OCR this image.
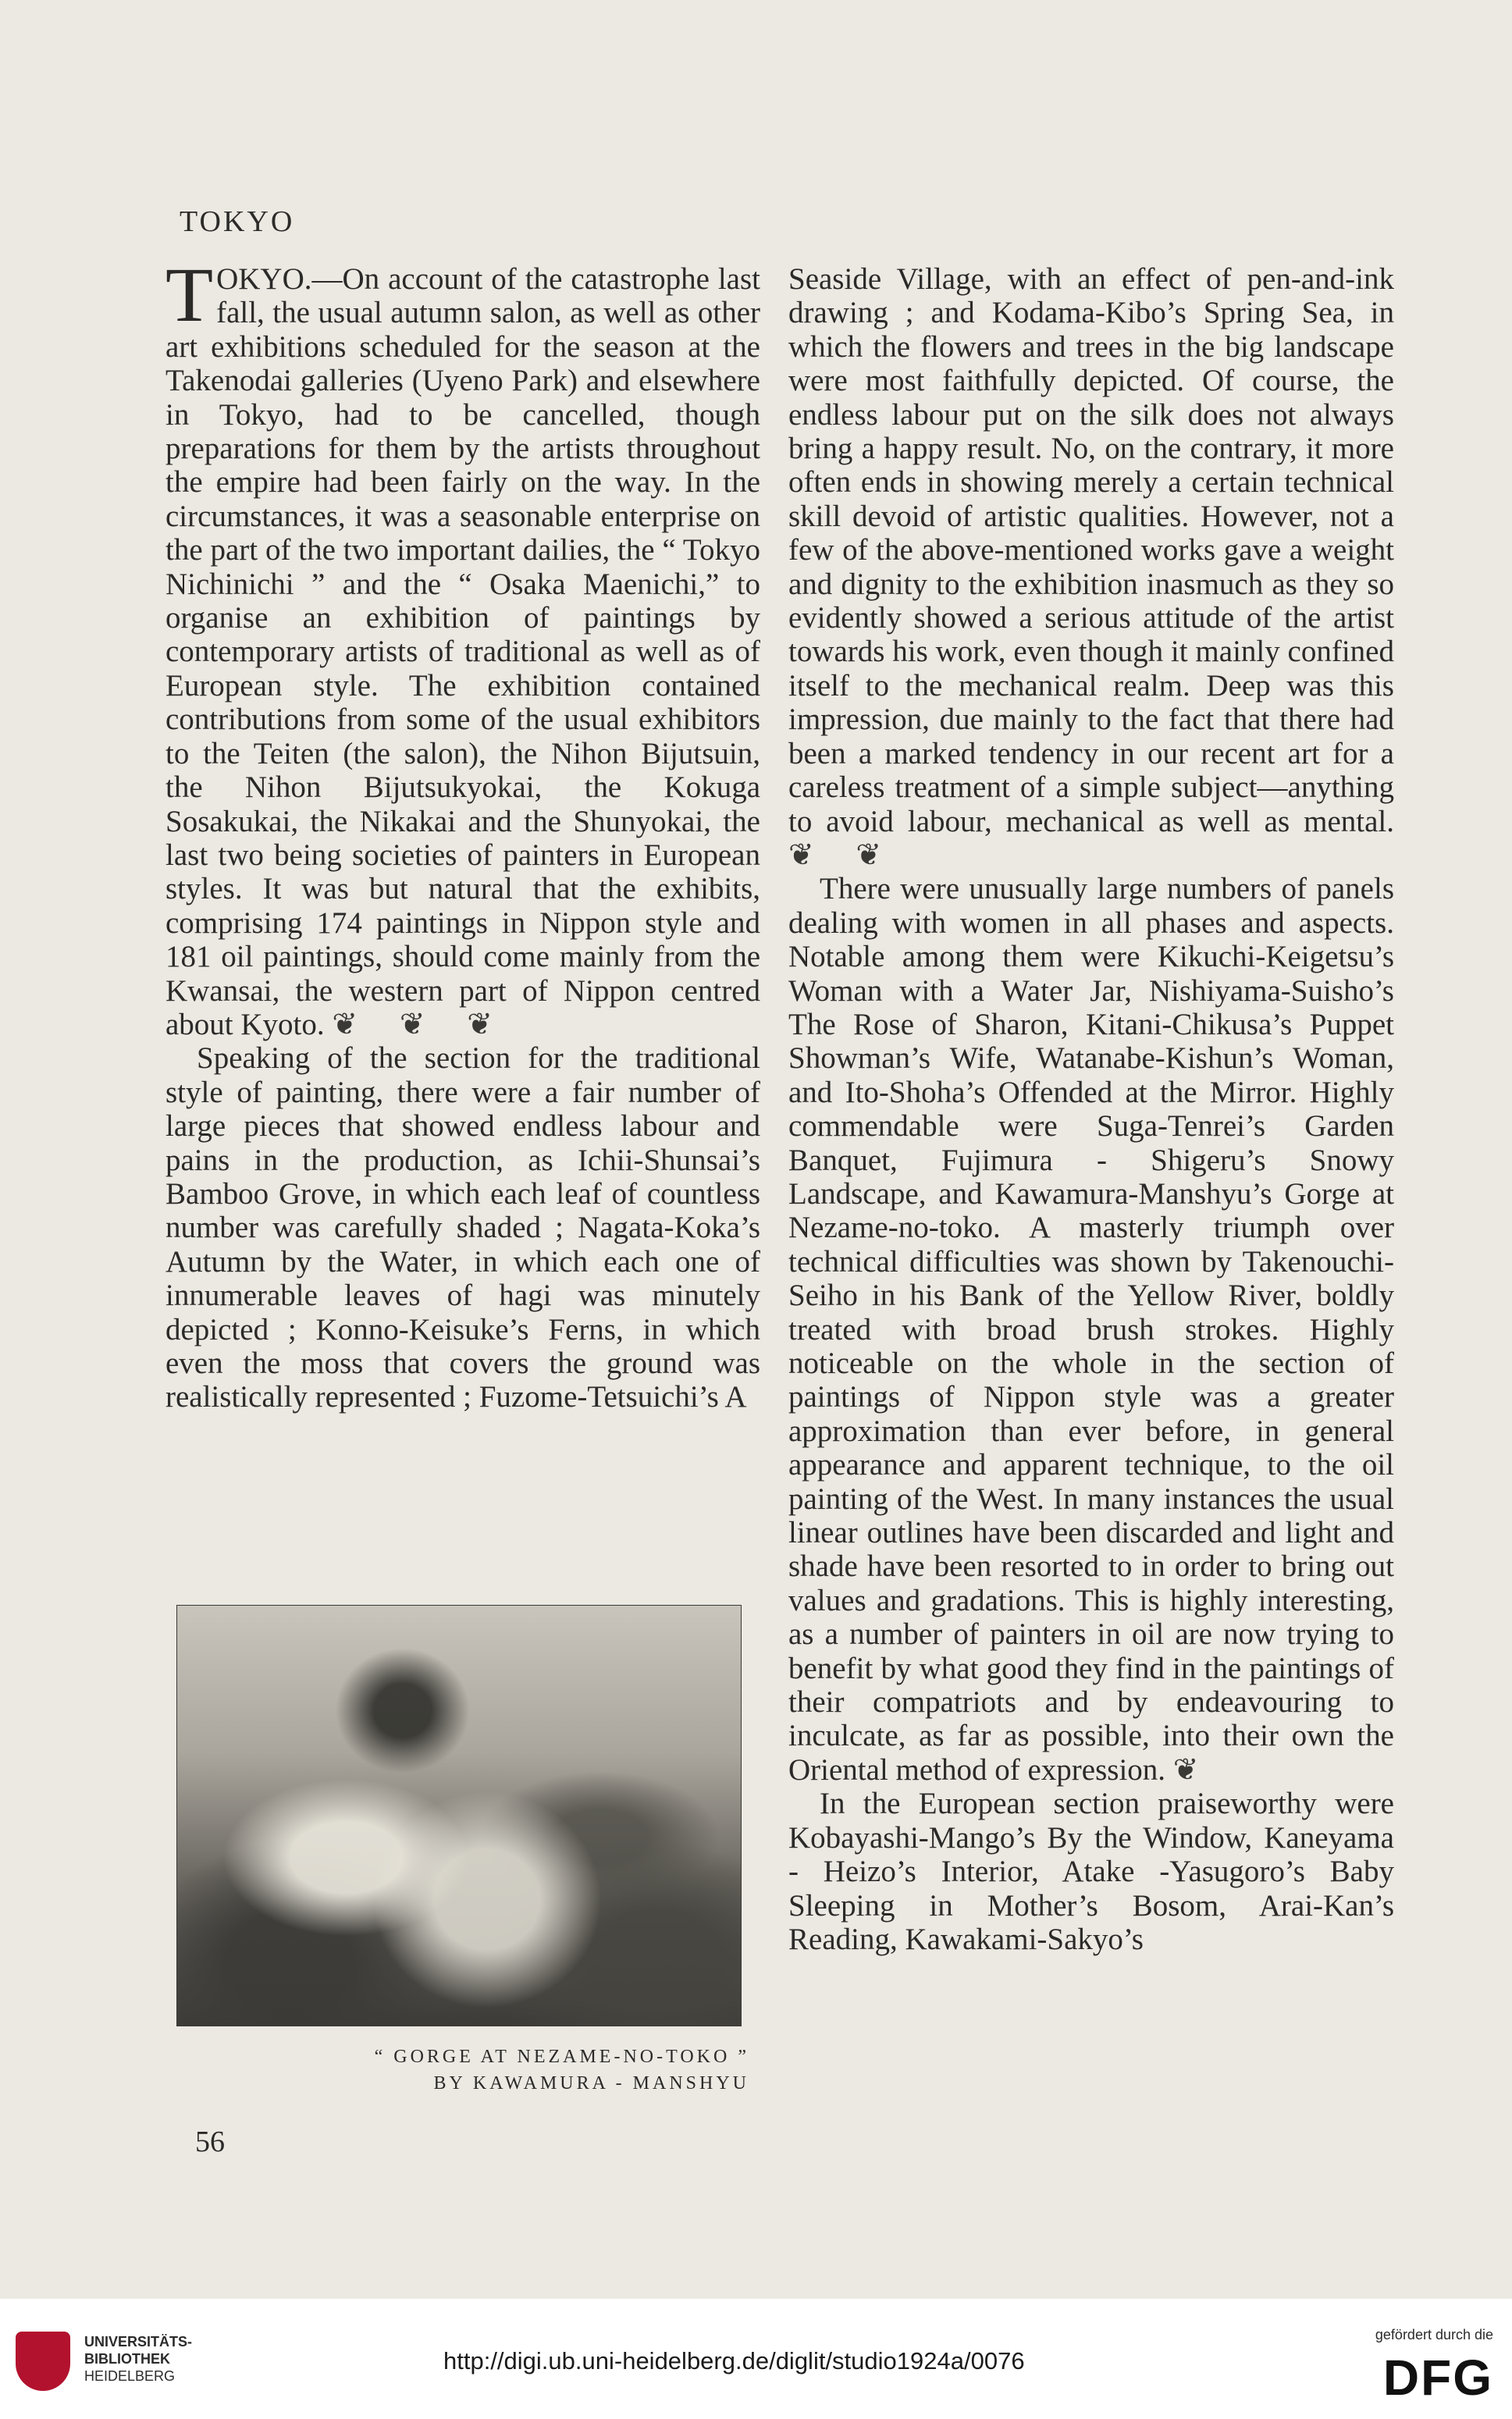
TOKYO

TOKYO.—On account of the catastrophe last fall, the usual autumn salon, as well as other art exhibitions scheduled for the season at the Takenodai galleries (Uyeno Park) and elsewhere in Tokyo, had to be cancelled, though preparations for them by the artists throughout the empire had been fairly on the way. In the circumstances, it was a seasonable enterprise on the part of the two important dailies, the “ Tokyo Nichinichi ” and the “ Osaka Maenichi,” to organise an exhibition of paintings by contemporary artists of traditional as well as of European style. The exhibition contained contributions from some of the usual exhibitors to the Teiten (the salon), the Nihon Bijutsuin, the Nihon Bijutsukyokai, the Kokuga Sosakukai, the Nikakai and the Shunyokai, the last two being societies of painters in European styles. It was but natural that the exhibits, comprising 174 paintings in Nippon style and 181 oil paintings, should come mainly from the Kwansai, the western part of Nippon centred about Kyoto. ❦ ❦ ❦

Speaking of the section for the traditional style of painting, there were a fair number of large pieces that showed endless labour and pains in the production, as Ichii-Shunsai’s Bamboo Grove, in which each leaf of countless number was carefully shaded ; Nagata-Koka’s Autumn by the Water, in which each one of innumerable leaves of hagi was minutely depicted ; Konno-Keisuke’s Ferns, in which even the moss that covers the ground was realistically represented ; Fuzome-Tetsuichi’s A

“ GORGE AT NEZAME-NO-TOKO ”
BY KAWAMURA - MANSHYU

Seaside Village, with an effect of pen-and-ink drawing ; and Kodama-Kibo’s Spring Sea, in which the flowers and trees in the big landscape were most faithfully depicted. Of course, the endless labour put on the silk does not always bring a happy result. No, on the contrary, it more often ends in showing merely a certain technical skill devoid of artistic qualities. However, not a few of the above-mentioned works gave a weight and dignity to the exhibition inasmuch as they so evidently showed a serious attitude of the artist towards his work, even though it mainly confined itself to the mechanical realm. Deep was this impression, due mainly to the fact that there had been a marked tendency in our recent art for a careless treatment of a simple subject—anything to avoid labour, mechanical as well as mental. ❦ ❦

There were unusually large numbers of panels dealing with women in all phases and aspects. Notable among them were Kikuchi-Keigetsu’s Woman with a Water Jar, Nishiyama-Suisho’s The Rose of Sharon, Kitani-Chikusa’s Puppet Showman’s Wife, Watanabe-Kishun’s Woman, and Ito-Shoha’s Offended at the Mirror. Highly commendable were Suga-Tenrei’s Garden Banquet, Fujimura - Shigeru’s Snowy Landscape, and Kawamura-Manshyu’s Gorge at Nezame-no-toko. A masterly triumph over technical difficulties was shown by Takenouchi-Seiho in his Bank of the Yellow River, boldly treated with broad brush strokes. Highly noticeable on the whole in the section of paintings of Nippon style was a greater approximation than ever before, in general appearance and apparent technique, to the oil painting of the West. In many instances the usual linear outlines have been discarded and light and shade have been resorted to in order to bring out values and gradations. This is highly interesting, as a number of painters in oil are now trying to benefit by what good they find in the paintings of their compatriots and by endeavouring to inculcate, as far as possible, into their own the Oriental method of expression. ❦

In the European section praiseworthy were Kobayashi-Mango’s By the Window, Kaneyama - Heizo’s Interior, Atake -Yasugoro’s Baby Sleeping in Mother’s Bosom, Arai-Kan’s Reading, Kawakami-Sakyo’s

56
UNIVERSITÄTS-
BIBLIOTHEK
HEIDELBERG
http://digi.ub.uni-heidelberg.de/diglit/studio1924a/0076
gefördert durch die
DFG
